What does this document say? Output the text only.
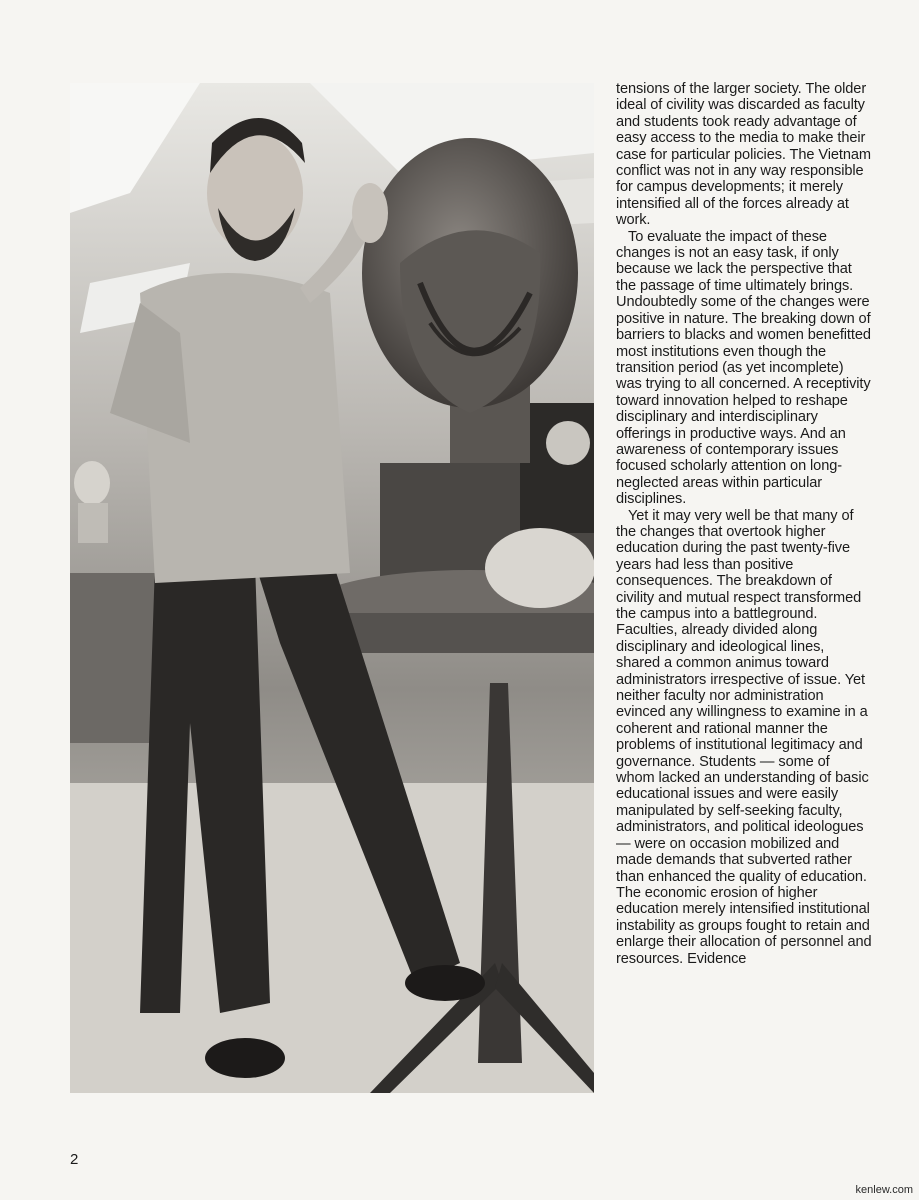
tensions of the larger society. The older ideal of civility was discarded as faculty and students took ready advantage of easy access to the media to make their case for particular policies. The Vietnam conflict was not in any way responsible for campus developments; it merely intensified all of the forces already at work.

To evaluate the impact of these changes is not an easy task, if only because we lack the perspective that the passage of time ultimately brings. Undoubtedly some of the changes were positive in nature. The breaking down of barriers to blacks and women benefitted most institutions even though the transition period (as yet incomplete) was trying to all concerned. A receptivity toward innovation helped to reshape disciplinary and interdisciplinary offerings in productive ways. And an awareness of contemporary issues focused scholarly attention on long-neglected areas within particular disciplines.

Yet it may very well be that many of the changes that overtook higher education during the past twenty-five years had less than positive consequences. The breakdown of civility and mutual respect transformed the campus into a battleground. Faculties, already divided along disciplinary and ideological lines, shared a common animus toward administrators irrespective of issue. Yet neither faculty nor administration evinced any willingness to examine in a coherent and rational manner the problems of institutional legitimacy and governance. Students — some of whom lacked an understanding of basic educational issues and were easily manipulated by self-seeking faculty, administrators, and political ideologues — were on occasion mobilized and made demands that subverted rather than enhanced the quality of education. The economic erosion of higher education merely intensified institutional instability as groups fought to retain and enlarge their allocation of personnel and resources. Evidence

2
kenlew.com
